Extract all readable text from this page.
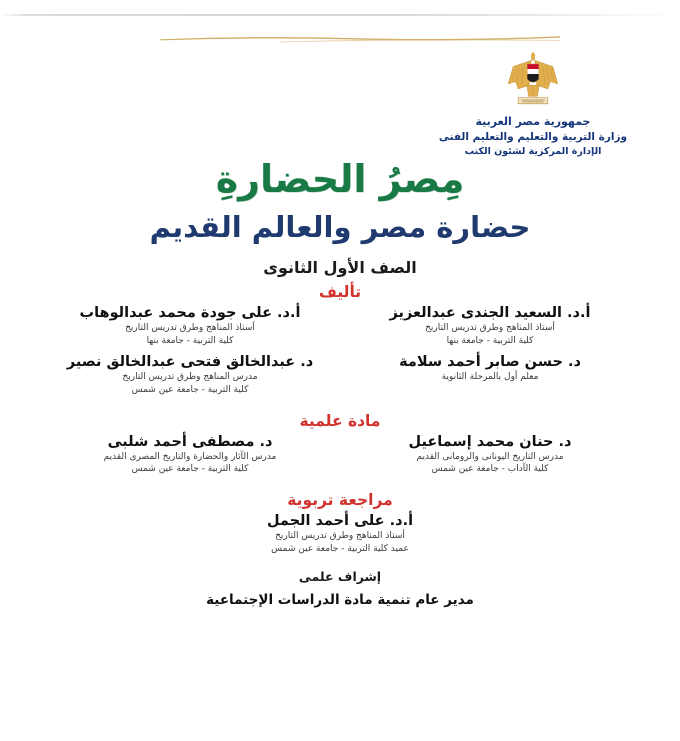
جمهورية مصر العربية
وزارة التربية والتعليم والتعليم الفنى
الإدارة المركزية لشئون الكتب
مِصرُ الحضارةِ
حضارة مصر والعالم القديم
الصف الأول الثانوى
تأليف
أ.د. السعيد الجندى عبدالعزيز
أستاذ المناهج وطرق تدريس التاريخ
كلية التربية - جامعة بنها
د. حسن صابر أحمد سلامة
معلم أول بالمرحلة الثانوية
أ.د. على جودة محمد عبدالوهاب
أستاذ المناهج وطرق تدريس التاريخ
كلية التربية - جامعة بنها
د. عبدالخالق فتحى عبدالخالق نصير
مدرس المناهج وطرق تدريس التاريخ
كلية التربية - جامعة عين شمس
مادة علمية
د. حنان محمد إسماعيل
مدرس التاريخ اليونانى والرومانى القديم
كلية الآداب - جامعة عين شمس
د. مصطفى أحمد شلبى
مدرس الآثار والحضارة والتاريخ المصرى القديم
كلية التربية - جامعة عين شمس
مراجعة تربوية
أ.د. على أحمد الجمل
أستاذ المناهج وطرق تدريس التاريخ
عميد كلية التربية - جامعة عين شمس
إشراف علمى
مدير عام تنمية مادة الدراسات الإجتماعية
